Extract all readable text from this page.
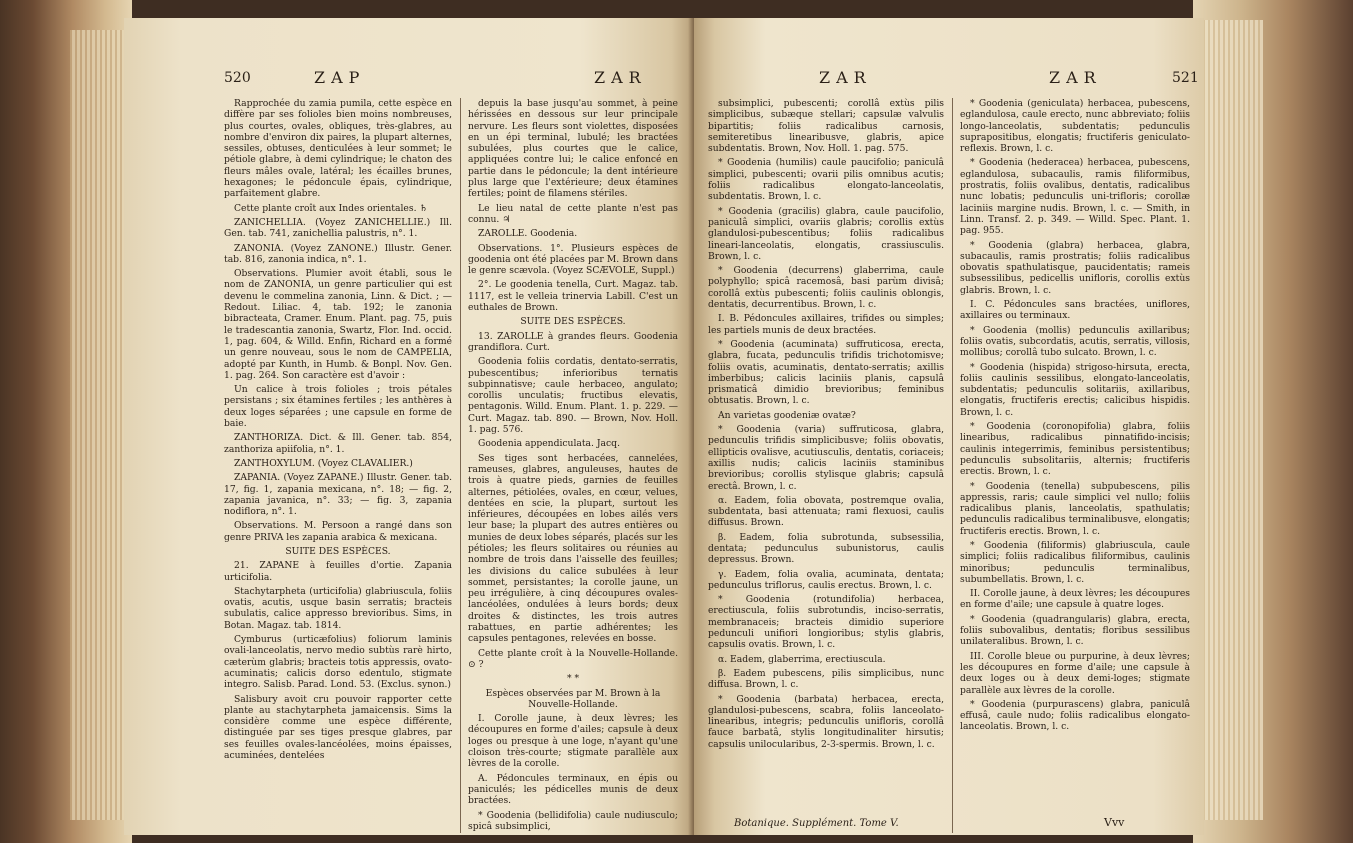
520	ZAP	ZAR

Rapprochée du zamia pumila, cette espèce en diffère par ses folioles bien moins nombreuses, plus courtes, ovales, obliques, très-glabres, au nombre d'environ dix paires, la plupart alternes, sessiles, obtuses, denticulées à leur sommet; le pétiole glabre, à demi cylindrique; le chaton des fleurs mâles ovale, latéral; les écailles brunes, hexagones; le pédoncule épais, cylindrique, parfaitement glabre.

Cette plante croît aux Indes orientales. ♄

ZANICHELLIA. (Voyez ZANICHELLIE.) Ill. Gen. tab. 741, zanichellia palustris, n°. 1.

ZANONIA. (Voyez ZANONE.) Illustr. Gener. tab. 816, zanonia indica, n°. 1.

Observations. Plumier avoit établi, sous le nom de ZANONIA, un genre particulier qui est devenu le commelina zanonia, Linn. & Dict. ; — Redout. Liliac. 4, tab. 192; le zanonia bibracteata, Cramer. Enum. Plant. pag. 75, puis le tradescantia zanonia, Swartz, Flor. Ind. occid. 1, pag. 604, & Willd. Enfin, Richard en a formé un genre nouveau, sous le nom de CAMPELIA, adopté par Kunth, in Humb. & Bonpl. Nov. Gen. 1. pag. 264. Son caractère est d'avoir :

Un calice à trois folioles ; trois pétales persistans ; six étamines fertiles ; les anthères à deux loges séparées ; une capsule en forme de baie.

ZANTHORIZA. Dict. & Ill. Gener. tab. 854, zanthoriza apiifolia, n°. 1.

ZANTHOXYLUM. (Voyez CLAVALIER.)

ZAPANIA. (Voyez ZAPANE.) Illustr. Gener. tab. 17, fig. 1, zapania mexicana, n°. 18; — fig. 2, zapania javanica, n°. 33; — fig. 3, zapania nodiflora, n°. 1.

Observations. M. Persoon a rangé dans son genre PRIVA les zapania arabica & mexicana.

SUITE DES ESPÈCES.

21. ZAPANE à feuilles d'ortie. Zapania urticifolia.

Stachytarpheta (urticifolia) glabriuscula, foliis ovatis, acutis, usque basin serratis; bracteis subulatis, calice appresso brevioribus. Sims, in Botan. Magaz. tab. 1814.

Cymburus (urticæfolius) foliorum laminis ovali-lanceolatis, nervo medio subtùs rarè hirto, cæterùm glabris; bracteis totis appressis, ovato-acuminatis; calicis dorso edentulo, stigmate integro. Salisb. Parad. Lond. 53. (Exclus. synon.)

Salisbury avoit cru pouvoir rapporter cette plante au stachytarpheta jamaicensis. Sims la considère comme une espèce différente, distinguée par ses tiges presque glabres, par ses feuilles ovales-lancéolées, moins épaisses, acuminées, dentelées

depuis la base jusqu'au sommet, à peine hérissées en dessous sur leur principale nervure. Les fleurs sont violettes, disposées en un épi terminal, lubulé; les bractées subulées, plus courtes que le calice, appliquées contre lui; le calice enfoncé en partie dans le pédoncule; la dent intérieure plus large que l'extérieure; deux étamines fertiles; point de filamens stériles.

Le lieu natal de cette plante n'est pas connu. ♃

ZAROLLE. Goodenia.

Observations. 1°. Plusieurs espèces de goodenia ont été placées par M. Brown dans le genre scævola. (Voyez SCÆVOLE, Suppl.)

2°. Le goodenia tenella, Curt. Magaz. tab. 1117, est le velleia trinervia Labill. C'est un euthales de Brown.

SUITE DES ESPÈCES.

13. ZAROLLE à grandes fleurs. Goodenia grandiflora. Curt.

Goodenia foliis cordatis, dentato-serratis, pubescentibus; inferioribus ternatis subpinnatisve; caule herbaceo, angulato; corollis unculatis; fructibus elevatis, pentagonis. Willd. Enum. Plant. 1. p. 229. — Curt. Magaz. tab. 890. — Brown, Nov. Holl. 1. pag. 576.

Goodenia appendiculata. Jacq.

Ses tiges sont herbacées, cannelées, rameuses, glabres, anguleuses, hautes de trois à quatre pieds, garnies de feuilles alternes, pétiolées, ovales, en cœur, velues, dentées en scie, la plupart, surtout les inférieures, découpées en lobes ailés vers leur base; la plupart des autres entières ou munies de deux lobes séparés, placés sur les pétioles; les fleurs solitaires ou réunies au nombre de trois dans l'aisselle des feuilles; les divisions du calice subulées à leur sommet, persistantes; la corolle jaune, un peu irrégulière, à cinq découpures ovales-lancéolées, ondulées à leurs bords; deux droites & distinctes, les trois autres rabattues, en partie adhérentes; les capsules pentagones, relevées en bosse.

Cette plante croît à la Nouvelle-Hollande. ⊙ ?

* *

Espèces observées par M. Brown à la Nouvelle-Hollande.

I. Corolle jaune, à deux lèvres; les découpures en forme d'ailes; capsule à deux loges ou presque à une loge, n'ayant qu'une cloison très-courte; stigmate parallèle aux lèvres de la corolle.

A. Pédoncules terminaux, en épis ou paniculés; les pédicelles munis de deux bractées.

* Goodenia (bellidifolia) caule nudiusculo; spicâ subsimplici,

ZAR	ZAR	521

subsimplici, pubescenti; corollâ extùs pilis simplicibus, subæque stellari; capsulæ valvulis bipartitis; foliis radicalibus carnosis, semiteretibus linearibusve, glabris, apice subdentatis. Brown, Nov. Holl. 1. pag. 575.

* Goodenia (humilis) caule paucifolio; paniculâ simplici, pubescenti; ovarii pilis omnibus acutis; foliis radicalibus elongato-lanceolatis, subdentatis. Brown, l. c.

* Goodenia (gracilis) glabra, caule paucifolio, paniculâ simplici, ovariis glabris; corollis extùs glandulosi-pubescentibus; foliis radicalibus lineari-lanceolatis, elongatis, crassiusculis. Brown, l. c.

* Goodenia (decurrens) glaberrima, caule polyphyllo; spicâ racemosâ, basi parùm divisâ; corollâ extùs pubescenti; foliis caulinis oblongis, dentatis, decurrentibus. Brown, l. c.

I. B. Pédoncules axillaires, trifides ou simples; les partiels munis de deux bractées.

* Goodenia (acuminata) suffruticosa, erecta, glabra, fucata, pedunculis trifidis trichotomisve; foliis ovatis, acuminatis, dentato-serratis; axillis imberbibus; calicis laciniis planis, capsulâ prismaticâ dimidio brevioribus; feminibus obtusatis. Brown, l. c.

An varietas goodeniæ ovatæ?

* Goodenia (varia) suffruticosa, glabra, pedunculis trifidis simplicibusve; foliis obovatis, ellipticis ovalisve, acutiusculis, dentatis, coriaceis; axillis nudis; calicis laciniis staminibus brevioribus; corollis stylisque glabris; capsulâ erectâ. Brown, l. c.

α. Eadem, folia obovata, postremque ovalia, subdentata, basi attenuata; rami flexuosi, caulis diffusus. Brown.

β. Eadem, folia subrotunda, subsessilia, dentata; pedunculus subunistorus, caulis depressus. Brown.

γ. Eadem, folia ovalia, acuminata, dentata; pedunculus triflorus, caulis erectus. Brown, l. c.

* Goodenia (rotundifolia) herbacea, erectiuscula, foliis subrotundis, inciso-serratis, membranaceis; bracteis dimidio superiore pedunculi unifiori longioribus; stylis glabris, capsulis ovatis. Brown, l. c.

α. Eadem, glaberrima, erectiuscula.

β. Eadem pubescens, pilis simplicibus, nunc diffusa. Brown, l. c.

* Goodenia (barbata) herbacea, erecta, glandulosi-pubescens, scabra, foliis lanceolato-linearibus, integris; pedunculis unifloris, corollâ fauce barbatâ, stylis longitudinaliter hirsutis; capsulis unilocularibus, 2-3-spermis. Brown, l. c.

* Goodenia (geniculata) herbacea, pubescens, eglandulosa, caule erecto, nunc abbreviato; foliis longo-lanceolatis, subdentatis; pedunculis suprapositibus, elongatis; fructiferis geniculato-reflexis. Brown, l. c.

* Goodenia (hederacea) herbacea, pubescens, eglandulosa, subacaulis, ramis filiformibus, prostratis, foliis ovalibus, dentatis, radicalibus nunc lobatis; pedunculis uni-trifloris; corollæ laciniis margine nudis. Brown, l. c. — Smith, in Linn. Transf. 2. p. 349. — Willd. Spec. Plant. 1. pag. 955.

* Goodenia (glabra) herbacea, glabra, subacaulis, ramis prostratis; foliis radicalibus obovatis spathulatisque, paucidentatis; rameis subsessilibus, pedicellis unifloris, corollis extùs glabris. Brown, l. c.

I. C. Pédoncules sans bractées, uniflores, axillaires ou terminaux.

* Goodenia (mollis) pedunculis axillaribus; foliis ovatis, subcordatis, acutis, serratis, villosis, mollibus; corollâ tubo sulcato. Brown, l. c.

* Goodenia (hispida) strigoso-hirsuta, erecta, foliis caulinis sessilibus, elongato-lanceolatis, subdentatis; pedunculis solitariis, axillaribus, elongatis, fructiferis erectis; calicibus hispidis. Brown, l. c.

* Goodenia (coronopifolia) glabra, foliis linearibus, radicalibus pinnatifido-incisis; caulinis integerrimis, feminibus persistentibus; pedunculis subsolitariis, alternis; fructiferis erectis. Brown, l. c.

* Goodenia (tenella) subpubescens, pilis appressis, raris; caule simplici vel nullo; foliis radicalibus planis, lanceolatis, spathulatis; pedunculis radicalibus terminalibusve, elongatis; fructiferis erectis. Brown, l. c.

* Goodenia (filiformis) glabriuscula, caule simplici; foliis radicalibus filiformibus, caulinis minoribus; pedunculis terminalibus, subumbellatis. Brown, l. c.

II. Corolle jaune, à deux lèvres; les découpures en forme d'aile; une capsule à quatre loges.

* Goodenia (quadrangularis) glabra, erecta, foliis subovalibus, dentatis; floribus sessilibus unilateralibus. Brown, l. c.

III. Corolle bleue ou purpurine, à deux lèvres; les découpures en forme d'aile; une capsule à deux loges ou à deux demi-loges; stigmate parallèle aux lèvres de la corolle.

* Goodenia (purpurascens) glabra, paniculâ effusâ, caule nudo; foliis radicalibus elongato-lanceolatis. Brown, l. c.

Botanique. Supplément. Tome V.	Vvv
